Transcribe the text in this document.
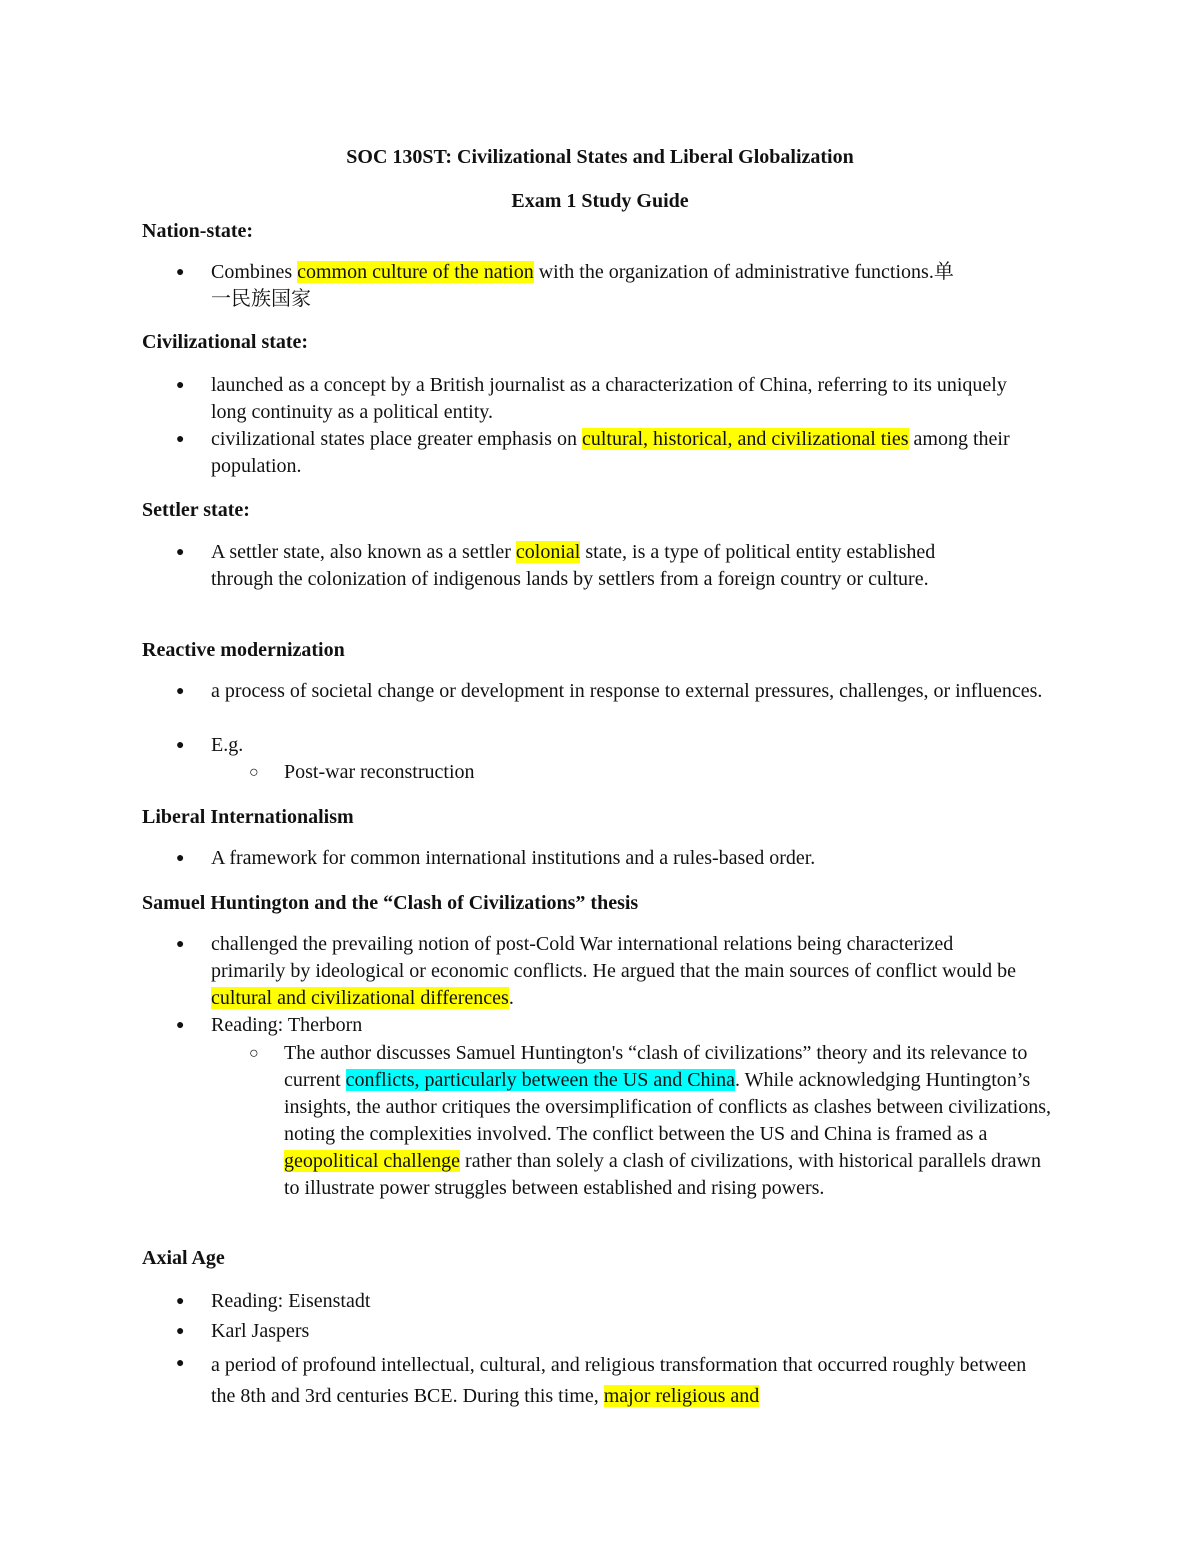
SOC 130ST: Civilizational States and Liberal Globalization
Exam 1 Study Guide
Nation-state:
● Combines common culture of the nation with the organization of administrative functions.单一民族国家
Civilizational state:
● launched as a concept by a British journalist as a characterization of China, referring to its uniquely long continuity as a political entity.
● civilizational states place greater emphasis on cultural, historical, and civilizational ties among their population.
Settler state:
● A settler state, also known as a settler colonial state, is a type of political entity established through the colonization of indigenous lands by settlers from a foreign country or culture.
Reactive modernization
● a process of societal change or development in response to external pressures, challenges, or influences.
● E.g.
○ Post-war reconstruction
Liberal Internationalism
● A framework for common international institutions and a rules-based order.
Samuel Huntington and the “Clash of Civilizations” thesis
● challenged the prevailing notion of post-Cold War international relations being characterized primarily by ideological or economic conflicts. He argued that the main sources of conflict would be cultural and civilizational differences.
● Reading: Therborn
○ The author discusses Samuel Huntington's “clash of civilizations” theory and its relevance to current conflicts, particularly between the US and China. While acknowledging Huntington’s insights, the author critiques the oversimplification of conflicts as clashes between civilizations, noting the complexities involved. The conflict between the US and China is framed as a geopolitical challenge rather than solely a clash of civilizations, with historical parallels drawn to illustrate power struggles between established and rising powers.
Axial Age
● Reading: Eisenstadt
● Karl Jaspers
● a period of profound intellectual, cultural, and religious transformation that occurred roughly between the 8th and 3rd centuries BCE. During this time, major religious and
